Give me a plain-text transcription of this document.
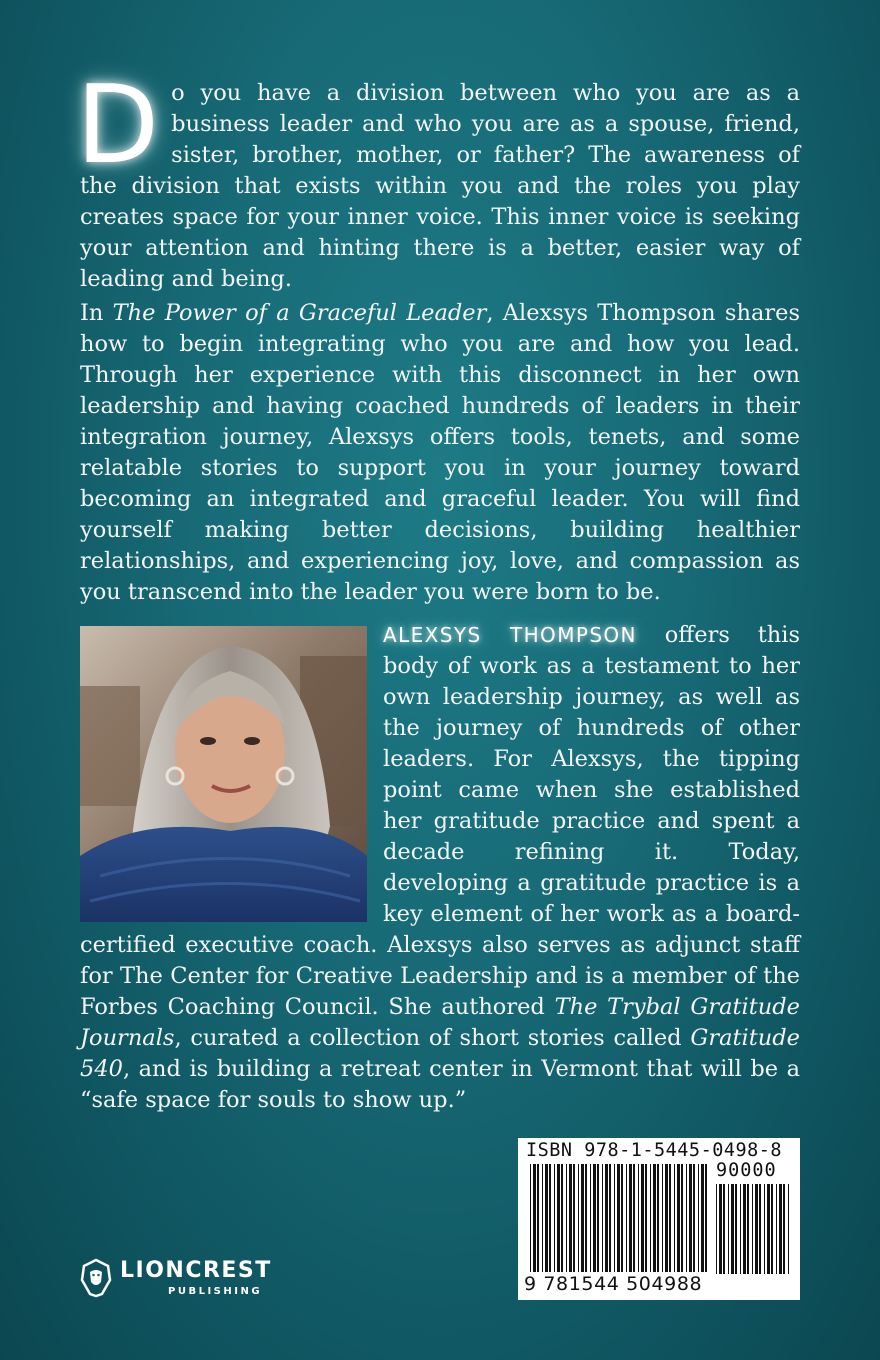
Do you have a division between who you are as a business leader and who you are as a spouse, friend, sister, brother, mother, or father? The awareness of the division that exists within you and the roles you play creates space for your inner voice. This inner voice is seeking your attention and hinting there is a better, easier way of leading and being.

In The Power of a Graceful Leader, Alexsys Thompson shares how to begin integrating who you are and how you lead. Through her experience with this disconnect in her own leadership and having coached hundreds of leaders in their integration journey, Alexsys offers tools, tenets, and some relatable stories to support you in your journey toward becoming an integrated and graceful leader. You will find yourself making better decisions, building healthier relationships, and experiencing joy, love, and compassion as you transcend into the leader you were born to be.

ALEXSYS THOMPSON offers this body of work as a testament to her own leadership journey, as well as the journey of hundreds of other leaders. For Alexsys, the tipping point came when she established her gratitude practice and spent a decade refining it. Today, developing a gratitude practice is a key element of her work as a board-certified executive coach. Alexsys also serves as adjunct staff for The Center for Creative Leadership and is a member of the Forbes Coaching Council. She authored The Trybal Gratitude Journals, curated a collection of short stories called Gratitude 540, and is building a retreat center in Vermont that will be a “safe space for souls to show up.”

LIONCREST
PUBLISHING
ISBN 978-1-5445-0498-8
90000
9 781544 504988
